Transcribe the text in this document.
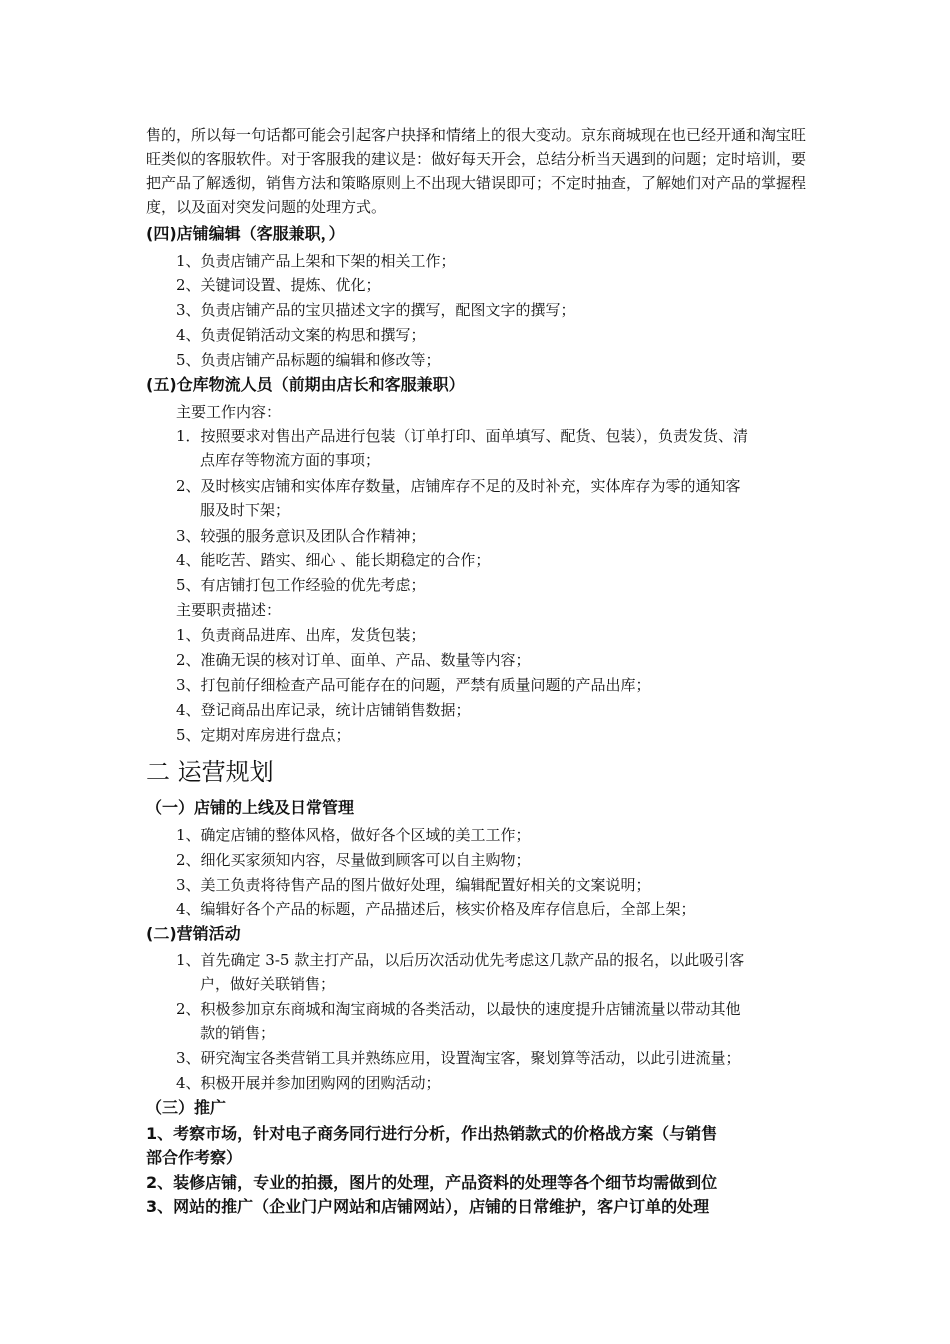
售的，所以每一句话都可能会引起客户抉择和情绪上的很大变动。京东商城现在也已经开通和淘宝旺旺类似的客服软件。对于客服我的建议是：做好每天开会，总结分析当天遇到的问题；定时培训，要把产品了解透彻，销售方法和策略原则上不出现大错误即可；不定时抽查，了解她们对产品的掌握程度，以及面对突发问题的处理方式。

(四)店铺编辑（客服兼职，）
1、负责店铺产品上架和下架的相关工作；
2、关键词设置、提炼、优化；
3、负责店铺产品的宝贝描述文字的撰写，配图文字的撰写；
4、负责促销活动文案的构思和撰写；
5、负责店铺产品标题的编辑和修改等；
(五)仓库物流人员（前期由店长和客服兼职）
主要工作内容：
1．按照要求对售出产品进行包装（订单打印、面单填写、配货、包装），负责发货、清
点库存等物流方面的事项；
2、及时核实店铺和实体库存数量，店铺库存不足的及时补充，实体库存为零的通知客
服及时下架；
3、较强的服务意识及团队合作精神；
4、能吃苦、踏实、细心 、能长期稳定的合作；
5、有店铺打包工作经验的优先考虑；
主要职责描述：
1、负责商品进库、出库，发货包装；
2、准确无误的核对订单、面单、产品、数量等内容；
3、打包前仔细检查产品可能存在的问题，严禁有质量问题的产品出库；
4、登记商品出库记录，统计店铺销售数据；
5、定期对库房进行盘点；
二 运营规划
（一）店铺的上线及日常管理
1、确定店铺的整体风格，做好各个区域的美工工作；
2、细化买家须知内容，尽量做到顾客可以自主购物；
3、美工负责将待售产品的图片做好处理，编辑配置好相关的文案说明；
4、编辑好各个产品的标题，产品描述后，核实价格及库存信息后，全部上架；
(二)营销活动
1、首先确定 3-5 款主打产品，以后历次活动优先考虑这几款产品的报名，以此吸引客
户，做好关联销售；
2、积极参加京东商城和淘宝商城的各类活动，以最快的速度提升店铺流量以带动其他
款的销售；
3、研究淘宝各类营销工具并熟练应用，设置淘宝客，聚划算等活动，以此引进流量；
4、积极开展并参加团购网的团购活动；
（三）推广
1、考察市场，针对电子商务同行进行分析，作出热销款式的价格战方案（与销售
部合作考察）
2、装修店铺，专业的拍摄，图片的处理，产品资料的处理等各个细节均需做到位
3、网站的推广（企业门户网站和店铺网站），店铺的日常维护，客户订单的处理
